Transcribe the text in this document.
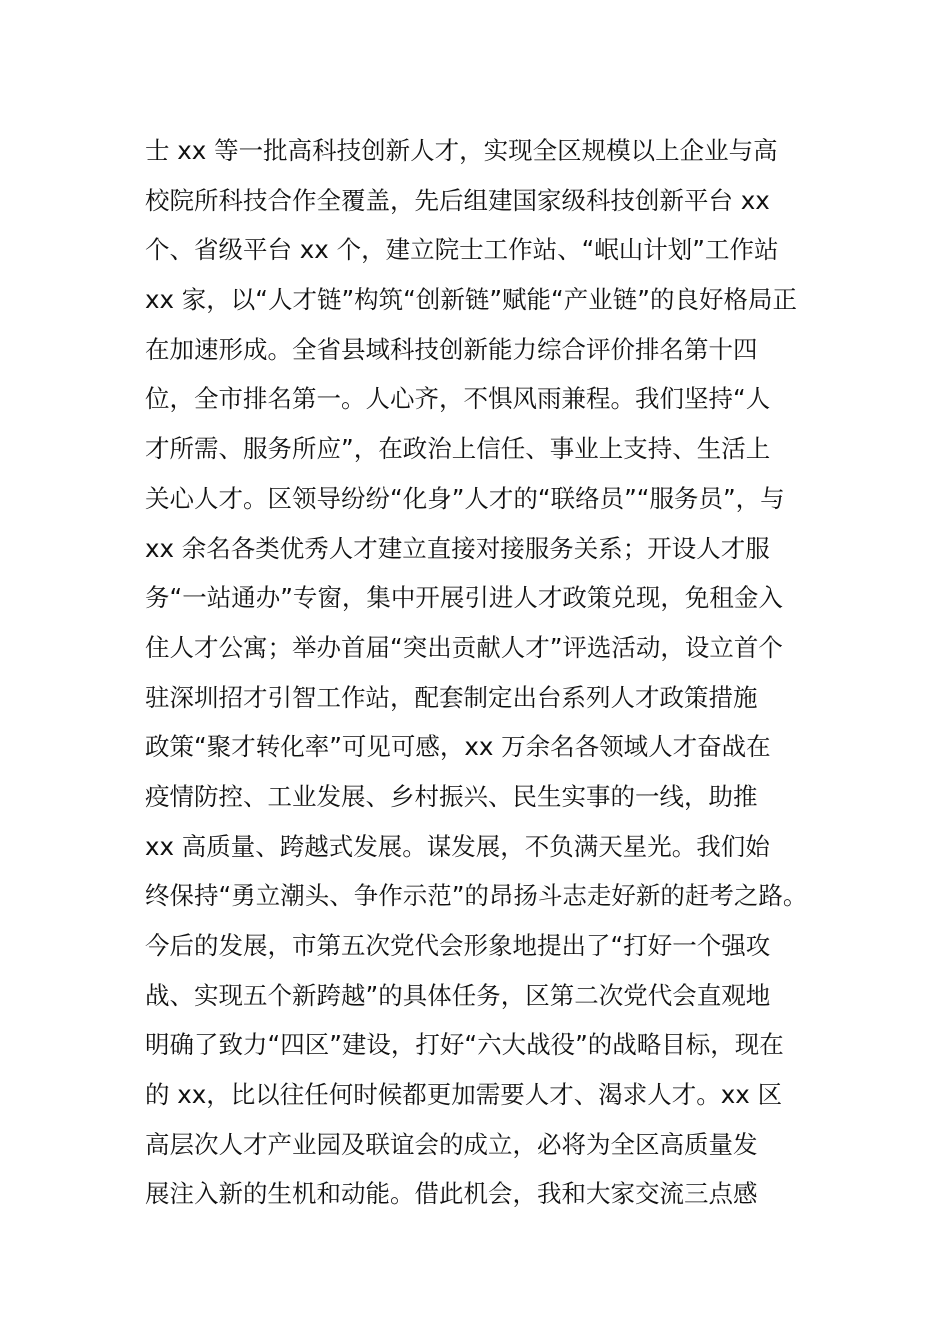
士 xx 等一批高科技创新人才，实现全区规模以上企业与高
校院所科技合作全覆盖，先后组建国家级科技创新平台 xx
个、省级平台 xx 个，建立院士工作站、“岷山计划”工作站
xx 家，以“人才链”构筑“创新链”赋能“产业链”的良好格局正
在加速形成。全省县域科技创新能力综合评价排名第十四
位，全市排名第一。人心齐，不惧风雨兼程。我们坚持“人
才所需、服务所应”，在政治上信任、事业上支持、生活上
关心人才。区领导纷纷“化身”人才的“联络员”“服务员”，与
xx 余名各类优秀人才建立直接对接服务关系；开设人才服
务“一站通办”专窗，集中开展引进人才政策兑现，免租金入
住人才公寓；举办首届“突出贡献人才”评选活动，设立首个
驻深圳招才引智工作站，配套制定出台系列人才政策措施
政策“聚才转化率”可见可感，xx 万余名各领域人才奋战在
疫情防控、工业发展、乡村振兴、民生实事的一线，助推
xx 高质量、跨越式发展。谋发展，不负满天星光。我们始
终保持“勇立潮头、争作示范”的昂扬斗志走好新的赶考之路。
今后的发展，市第五次党代会形象地提出了“打好一个强攻
战、实现五个新跨越”的具体任务，区第二次党代会直观地
明确了致力“四区”建设，打好“六大战役”的战略目标，现在
的 xx，比以往任何时候都更加需要人才、渴求人才。xx 区
高层次人才产业园及联谊会的成立，必将为全区高质量发
展注入新的生机和动能。借此机会，我和大家交流三点感
